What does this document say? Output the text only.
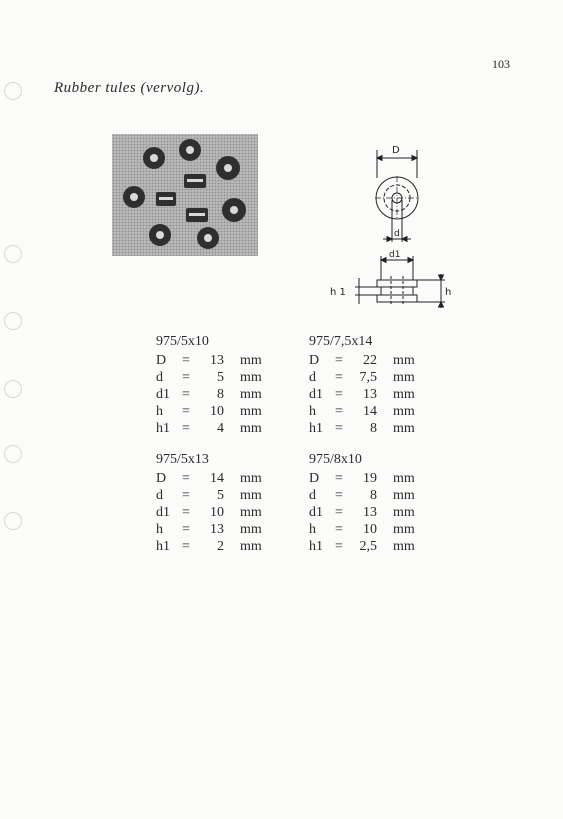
103
Rubber tules (vervolg).
D
d
d1
h 1	h
975/5x10
D	=	13	mm
d	=	5	mm
d1	=	8	mm
h	=	10	mm
h1	=	4	mm
975/7,5x14
D	=	22	mm
d	=	7,5	mm
d1	=	13	mm
h	=	14	mm
h1	=	8	mm
975/5x13
D	=	14	mm
d	=	5	mm
d1	=	10	mm
h	=	13	mm
h1	=	2	mm
975/8x10
D	=	19	mm
d	=	8	mm
d1	=	13	mm
h	=	10	mm
h1	=	2,5	mm
